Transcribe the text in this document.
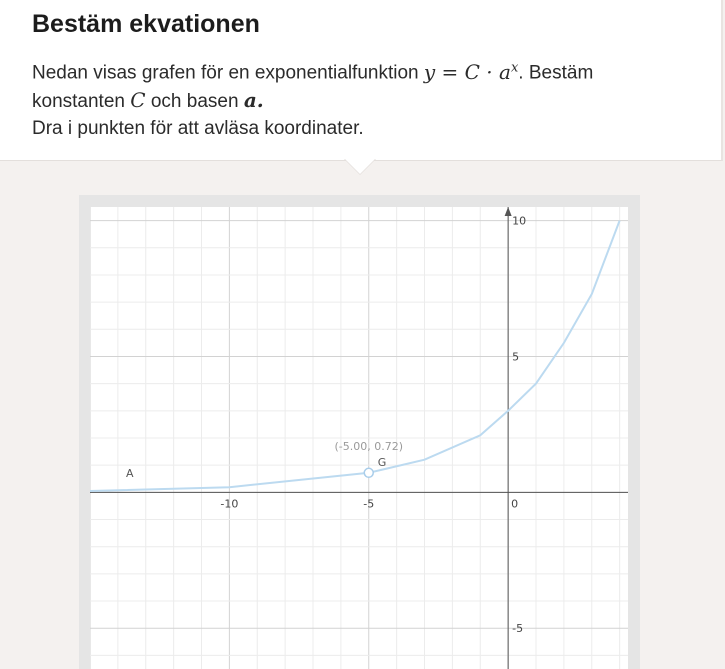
Bestäm ekvationen
Nedan visas grafen för en exponentialfunktion $y = C \cdot a^x$. Bestäm
konstanten C och basen a.
Dra i punkten för att avläsa koordinater.
-10	-5	0
10
5
-5
A
(-5.00, 0.72)
G
